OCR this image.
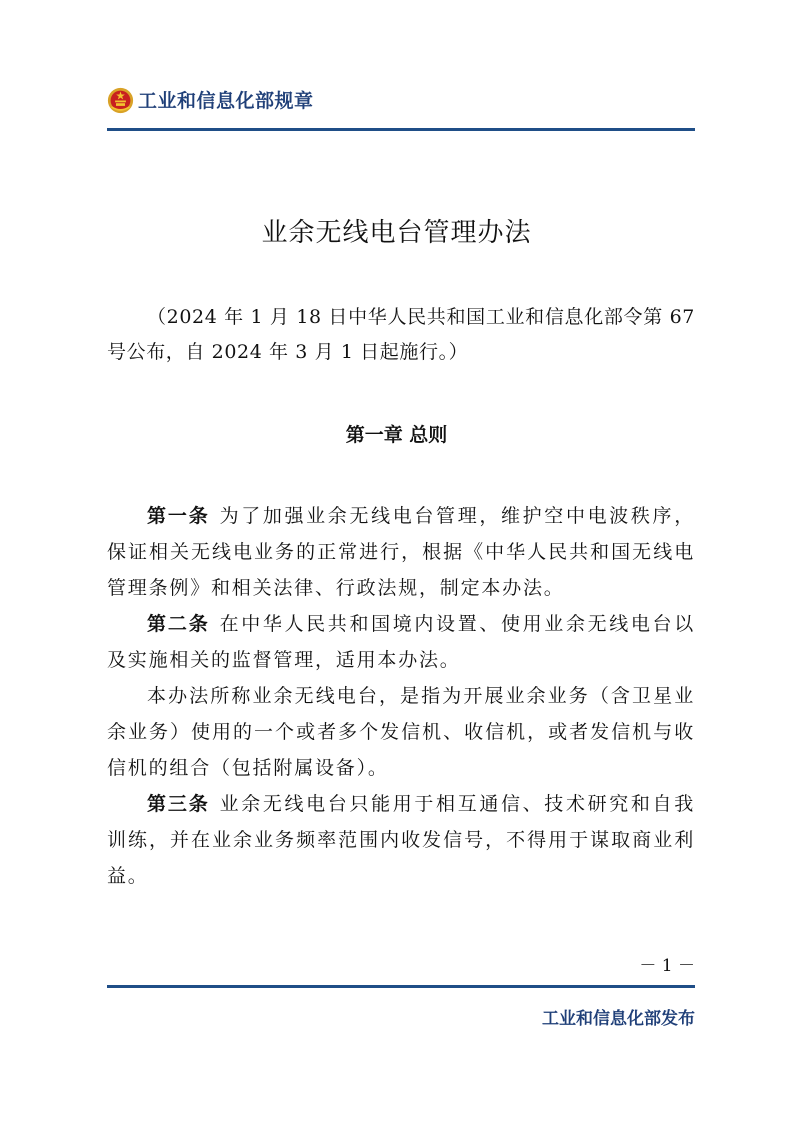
工业和信息化部规章
业余无线电台管理办法
（2024 年 1 月 18 日中华人民共和国工业和信息化部令第 67 号公布，自 2024 年 3 月 1 日起施行。）
第一章 总则

第一条 为了加强业余无线电台管理，维护空中电波秩序，保证相关无线电业务的正常进行，根据《中华人民共和国无线电管理条例》和相关法律、行政法规，制定本办法。

第二条 在中华人民共和国境内设置、使用业余无线电台以及实施相关的监督管理，适用本办法。

本办法所称业余无线电台，是指为开展业余业务（含卫星业余业务）使用的一个或者多个发信机、收信机，或者发信机与收信机的组合（包括附属设备）。

第三条 业余无线电台只能用于相互通信、技术研究和自我训练，并在业余业务频率范围内收发信号，不得用于谋取商业利益。

－ 1 －
工业和信息化部发布
